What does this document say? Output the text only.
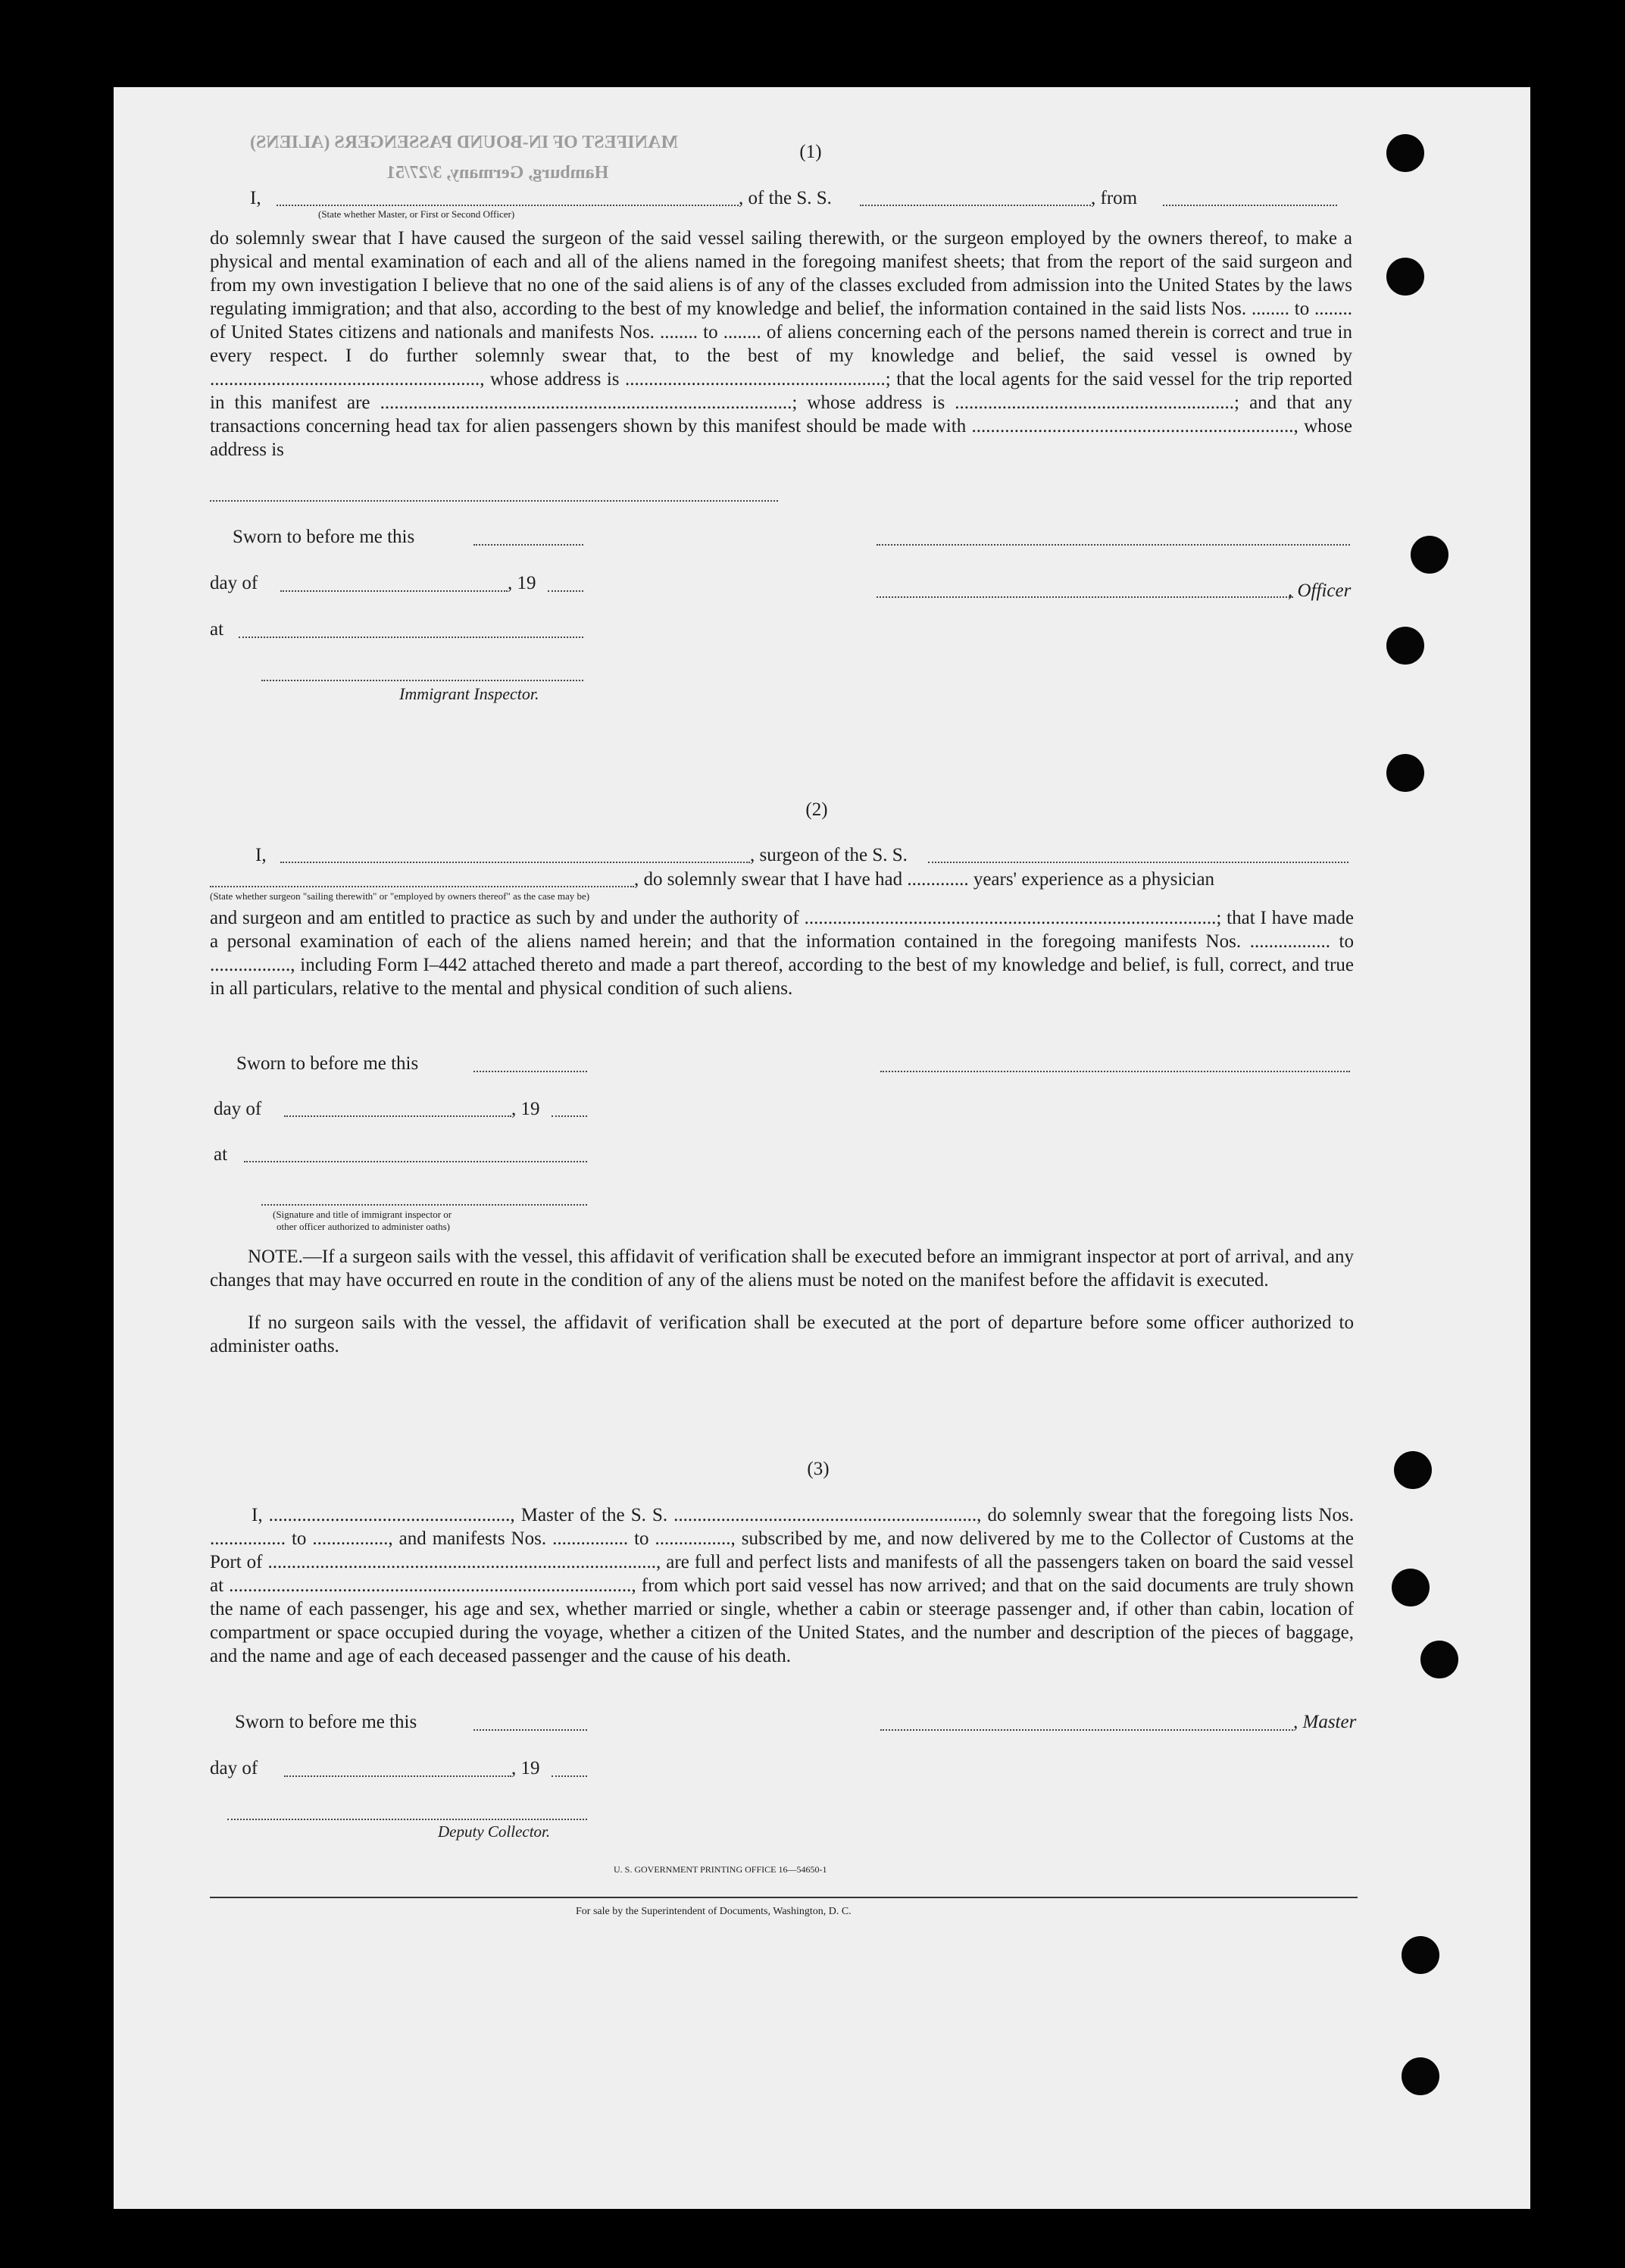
MANIFEST OF IN-BOUND PASSENGERS (ALIENS)
Hamburg, Germany, 3/27/51
(1)
I,	, of the S. S.	, from
(State whether Master, or First or Second Officer)
do solemnly swear that I have caused the surgeon of the said vessel sailing therewith, or the surgeon employed by the owners thereof, to make a physical and mental examination of each and all of the aliens named in the foregoing manifest sheets; that from the report of the said surgeon and from my own investigation I believe that no one of the said aliens is of any of the classes excluded from admission into the United States by the laws regulating immigration; and that also, according to the best of my knowledge and belief, the information contained in the said lists Nos. ........ to ........ of United States citizens and nationals and manifests Nos. ........ to ........ of aliens concerning each of the persons named therein is correct and true in every respect. I do further solemnly swear that, to the best of my knowledge and belief, the said vessel is owned by ........................................................., whose address is .......................................................; that the local agents for the said vessel for the trip reported in this manifest are .......................................................................................; whose address is ...........................................................; and that any transactions concerning head tax for alien passengers shown by this manifest should be made with ...................................................................., whose address is
Sworn to before me this
day of	, 19	, Officer
at
Immigrant Inspector.
(2)
I,	, surgeon of the S. S.
, do solemnly swear that I have had ............. years' experience as a physician
(State whether surgeon "sailing therewith" or "employed by owners thereof" as the case may be)
and surgeon and am entitled to practice as such by and under the authority of .......................................................................................; that I have made a personal examination of each of the aliens named herein; and that the information contained in the foregoing manifests Nos. ................. to ................., including Form I–442 attached thereto and made a part thereof, according to the best of my knowledge and belief, is full, correct, and true in all particulars, relative to the mental and physical condition of such aliens.
Sworn to before me this
day of	, 19
at
(Signature and title of immigrant inspector or
other officer authorized to administer oaths)
NOTE.—If a surgeon sails with the vessel, this affidavit of verification shall be executed before an immigrant inspector at port of arrival, and any changes that may have occurred en route in the condition of any of the aliens must be noted on the manifest before the affidavit is executed.
If no surgeon sails with the vessel, the affidavit of verification shall be executed at the port of departure before some officer authorized to administer oaths.
(3)
I, ..................................................., Master of the S. S. ................................................................, do solemnly swear that the foregoing lists Nos. ................ to ................, and manifests Nos. ................ to ................, subscribed by me, and now delivered by me to the Collector of Customs at the Port of .................................................................................., are full and perfect lists and manifests of all the passengers taken on board the said vessel at ....................................................................................., from which port said vessel has now arrived; and that on the said documents are truly shown the name of each passenger, his age and sex, whether married or single, whether a cabin or steerage passenger and, if other than cabin, location of compartment or space occupied during the voyage, whether a citizen of the United States, and the number and description of the pieces of baggage, and the name and age of each deceased passenger and the cause of his death.
Sworn to before me this	, Master
day of	, 19
Deputy Collector.
U. S. GOVERNMENT PRINTING OFFICE 16—54650-1
For sale by the Superintendent of Documents, Washington, D. C.
